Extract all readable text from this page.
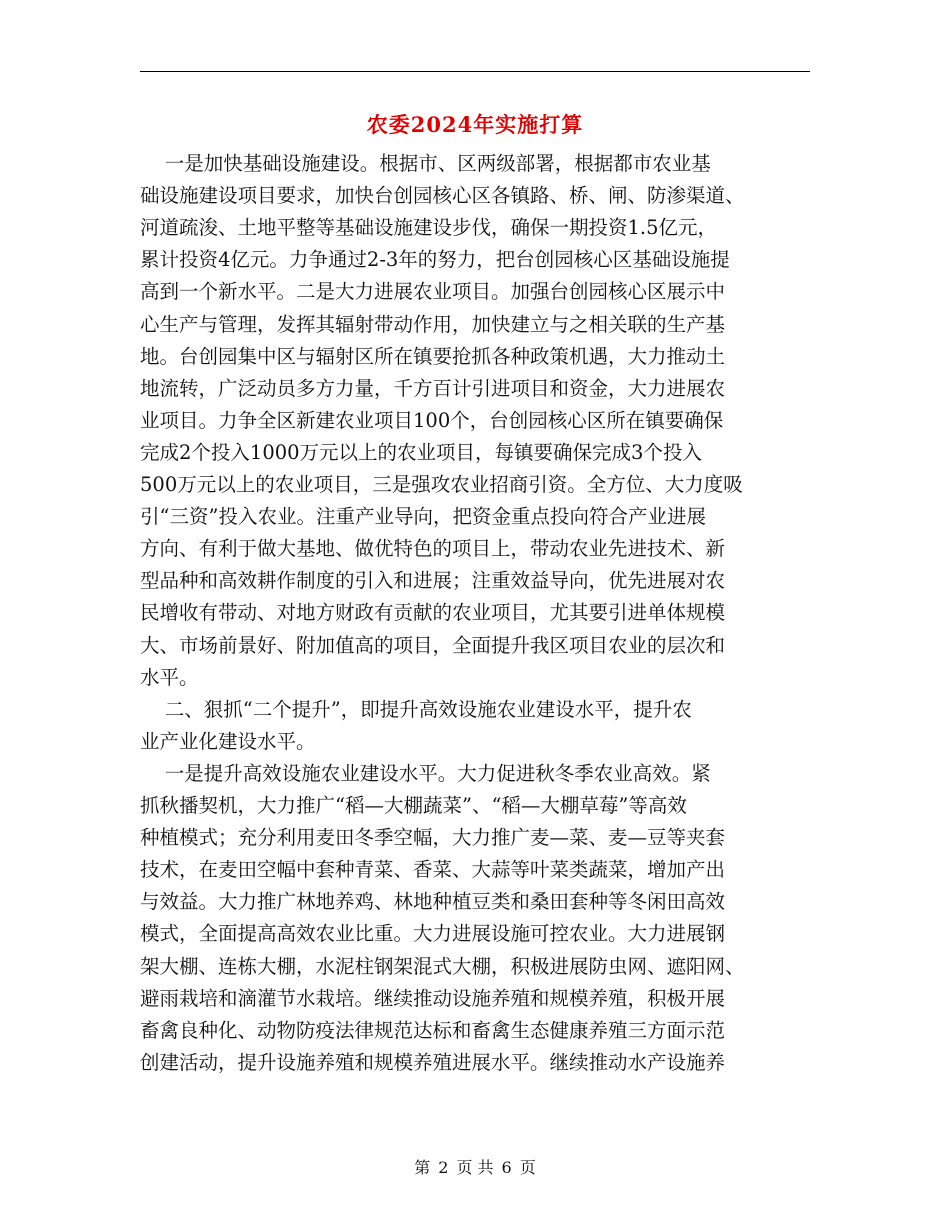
农委2024年实施打算
一是加快基础设施建设。根据市、区两级部署，根据都市农业基
础设施建设项目要求，加快台创园核心区各镇路、桥、闸、防渗渠道、
河道疏浚、土地平整等基础设施建设步伐，确保一期投资1.5亿元，
累计投资4亿元。力争通过2-3年的努力，把台创园核心区基础设施提
高到一个新水平。二是大力进展农业项目。加强台创园核心区展示中
心生产与管理，发挥其辐射带动作用，加快建立与之相关联的生产基
地。台创园集中区与辐射区所在镇要抢抓各种政策机遇，大力推动土
地流转，广泛动员多方力量，千方百计引进项目和资金，大力进展农
业项目。力争全区新建农业项目100个，台创园核心区所在镇要确保
完成2个投入1000万元以上的农业项目，每镇要确保完成3个投入
500万元以上的农业项目，三是强攻农业招商引资。全方位、大力度吸
引“三资”投入农业。注重产业导向，把资金重点投向符合产业进展
方向、有利于做大基地、做优特色的项目上，带动农业先进技术、新
型品种和高效耕作制度的引入和进展；注重效益导向，优先进展对农
民增收有带动、对地方财政有贡献的农业项目，尤其要引进单体规模
大、市场前景好、附加值高的项目，全面提升我区项目农业的层次和
水平。
二、狠抓“二个提升”，即提升高效设施农业建设水平，提升农
业产业化建设水平。
一是提升高效设施农业建设水平。大力促进秋冬季农业高效。紧
抓秋播契机，大力推广“稻—大棚蔬菜”、“稻—大棚草莓”等高效
种植模式；充分利用麦田冬季空幅，大力推广麦—菜、麦—豆等夹套
技术，在麦田空幅中套种青菜、香菜、大蒜等叶菜类蔬菜，增加产出
与效益。大力推广林地养鸡、林地种植豆类和桑田套种等冬闲田高效
模式，全面提高高效农业比重。大力进展设施可控农业。大力进展钢
架大棚、连栋大棚，水泥柱钢架混式大棚，积极进展防虫网、遮阳网、
避雨栽培和滴灌节水栽培。继续推动设施养殖和规模养殖，积极开展
畜禽良种化、动物防疫法律规范达标和畜禽生态健康养殖三方面示范
创建活动，提升设施养殖和规模养殖进展水平。继续推动水产设施养
第 2 页 共 6 页
